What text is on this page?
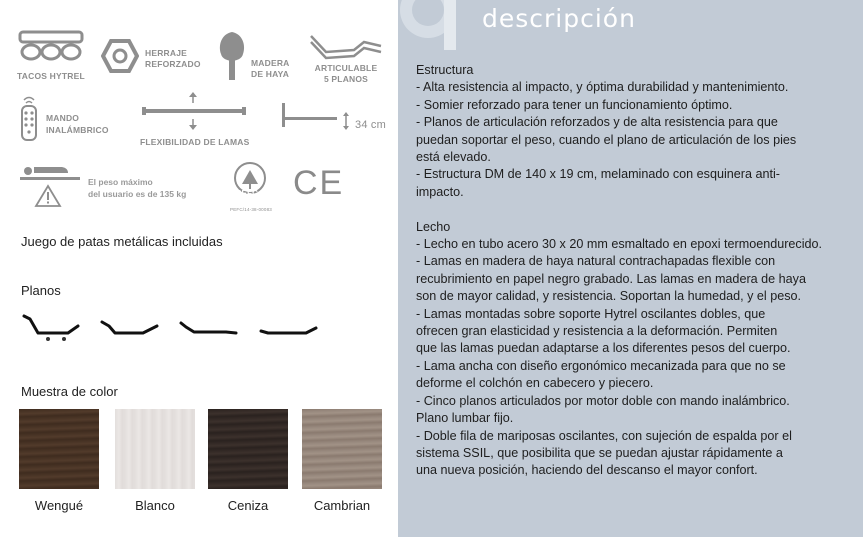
TACOS HYTREL
HERRAJE
REFORZADO	MADERA
DE HAYA
ARTICULABLE
5 PLANOS
MANDO
INALÁMBRICO
FLEXIBILIDAD DE LAMAS
34 cm
El peso máximo
del usuario es de 135 kg	PEFC
PEFC/14-38-00083
CE
Juego de patas metálicas incluidas
Planos
Muestra de color
Wengué	Blanco	Ceniza	Cambrian
descripción
Estructura
- Alta resistencia al impacto, y óptima durabilidad y mantenimiento.
- Somier reforzado para tener un funcionamiento óptimo.
- Planos de articulación reforzados y de alta resistencia para que
puedan soportar el peso, cuando el plano de articulación de los pies
está elevado.
- Estructura DM de 140 x 19 cm, melaminado con esquinera anti-
impacto.
Lecho
- Lecho en tubo acero 30 x 20 mm esmaltado en epoxi termoendurecido.
- Lamas en madera de haya natural contrachapadas flexible con
recubrimiento en papel negro grabado. Las lamas en madera de haya
son de mayor calidad, y resistencia. Soportan la humedad, y el peso.
- Lamas montadas sobre soporte Hytrel oscilantes dobles, que
ofrecen gran elasticidad y resistencia a la deformación. Permiten
que las lamas puedan adaptarse a los diferentes pesos del cuerpo.
- Lama ancha con diseño ergonómico mecanizada para que no se
deforme el colchón en cabecero y piecero.
- Cinco planos articulados por motor doble con mando inalámbrico.
Plano lumbar fijo.
- Doble fila de mariposas oscilantes, con sujeción de espalda por el
sistema SSIL, que posibilita que se puedan ajustar rápidamente a
una nueva posición, haciendo del descanso el mayor confort.
